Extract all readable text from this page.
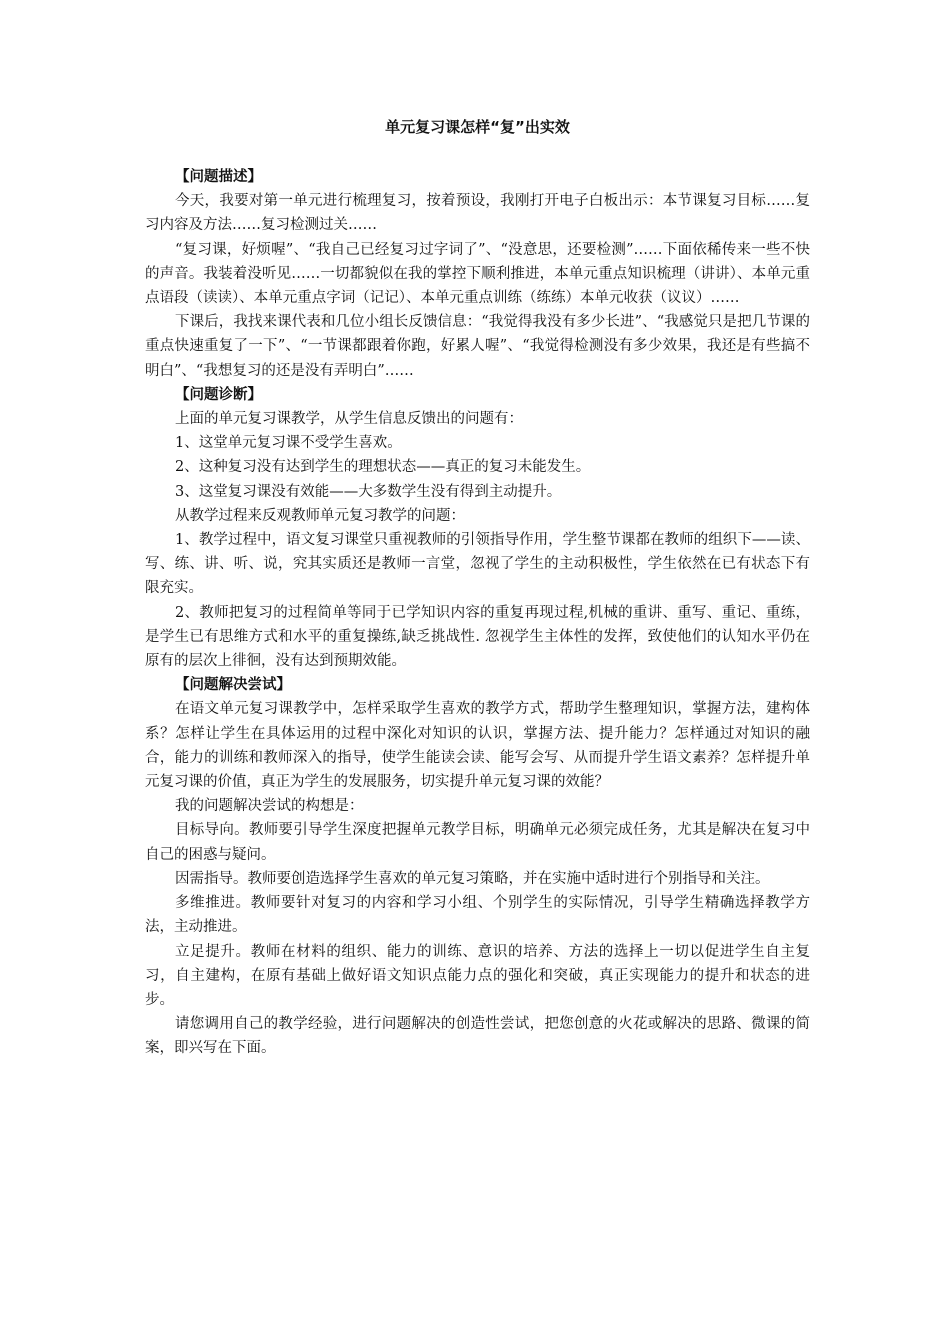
单元复习课怎样“复”出实效
【问题描述】

今天，我要对第一单元进行梳理复习，按着预设，我刚打开电子白板出示：本节课复习目标……复习内容及方法……复习检测过关……

“复习课，好烦喔”、“我自己已经复习过字词了”、“没意思，还要检测”……下面依稀传来一些不快的声音。我装着没听见……一切都貌似在我的掌控下顺利推进，本单元重点知识梳理（讲讲）、本单元重点语段（读读）、本单元重点字词（记记）、本单元重点训练（练练）本单元收获（议议）……

下课后，我找来课代表和几位小组长反馈信息：“我觉得我没有多少长进”、“我感觉只是把几节课的重点快速重复了一下”、“一节课都跟着你跑，好累人喔”、“我觉得检测没有多少效果，我还是有些搞不明白”、“我想复习的还是没有弄明白”……

【问题诊断】

上面的单元复习课教学，从学生信息反馈出的问题有：

1、这堂单元复习课不受学生喜欢。

2、这种复习没有达到学生的理想状态——真正的复习未能发生。

3、这堂复习课没有效能——大多数学生没有得到主动提升。

从教学过程来反观教师单元复习教学的问题：

1、教学过程中，语文复习课堂只重视教师的引领指导作用，学生整节课都在教师的组织下——读、写、练、讲、听、说，究其实质还是教师一言堂，忽视了学生的主动积极性，学生依然在已有状态下有限充实。

2、教师把复习的过程简单等同于已学知识内容的重复再现过程,机械的重讲、重写、重记、重练，是学生已有思维方式和水平的重复操练,缺乏挑战性. 忽视学生主体性的发挥，致使他们的认知水平仍在原有的层次上徘徊，没有达到预期效能。

【问题解决尝试】

在语文单元复习课教学中，怎样采取学生喜欢的教学方式，帮助学生整理知识，掌握方法，建构体系？怎样让学生在具体运用的过程中深化对知识的认识，掌握方法、提升能力？怎样通过对知识的融合，能力的训练和教师深入的指导，使学生能读会读、能写会写、从而提升学生语文素养？怎样提升单元复习课的价值，真正为学生的发展服务，切实提升单元复习课的效能？

我的问题解决尝试的构想是：

目标导向。教师要引导学生深度把握单元教学目标，明确单元必须完成任务，尤其是解决在复习中自己的困惑与疑问。

因需指导。教师要创造选择学生喜欢的单元复习策略，并在实施中适时进行个别指导和关注。

多维推进。教师要针对复习的内容和学习小组、个别学生的实际情况，引导学生精确选择教学方法，主动推进。

立足提升。教师在材料的组织、能力的训练、意识的培养、方法的选择上一切以促进学生自主复习，自主建构，在原有基础上做好语文知识点能力点的强化和突破，真正实现能力的提升和状态的进步。

请您调用自己的教学经验，进行问题解决的创造性尝试，把您创意的火花或解决的思路、微课的简案，即兴写在下面。
